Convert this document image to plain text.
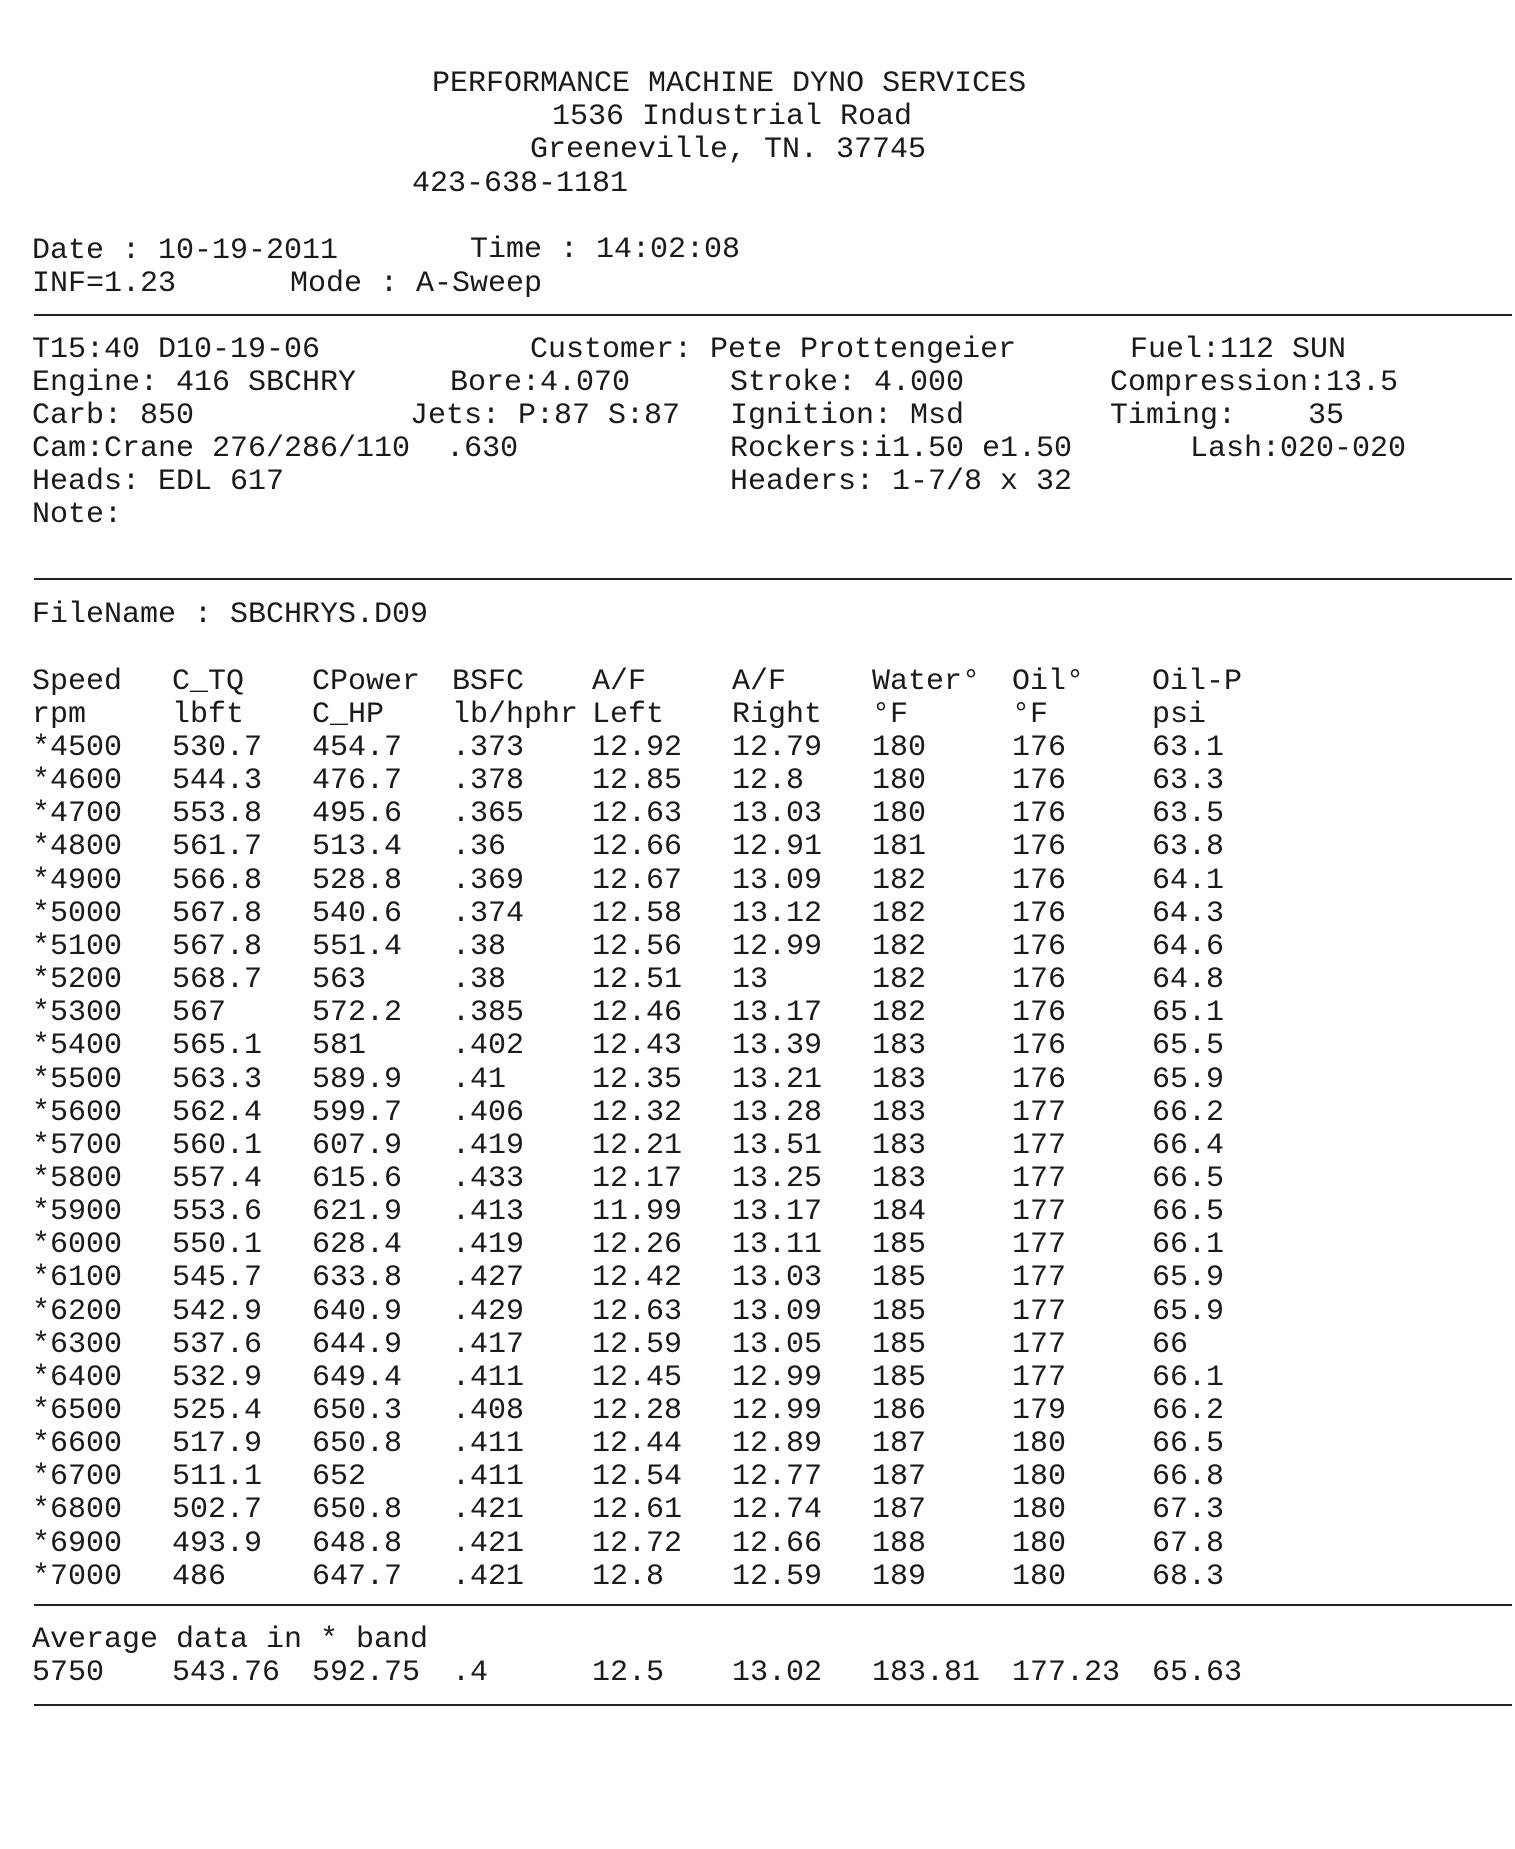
PERFORMANCE MACHINE DYNO SERVICES
1536 Industrial Road
Greeneville, TN. 37745
423-638-1181
Date : 10-19-2011	Time : 14:02:08
INF=1.23	Mode : A-Sweep
T15:40 D10-19-06	Customer: Pete Prottengeier	Fuel:112 SUN
Engine: 416 SBCHRY	Bore:4.070	Stroke: 4.000	Compression:13.5
Carb: 850	Jets: P:87 S:87 Ignition: Msd	Timing:    35
Cam:Crane 276/286/110  .630	Rockers:i1.50 e1.50	Lash:020-020
Heads: EDL 617	Headers: 1-7/8 x 32
Note:
FileName : SBCHRYS.D09
Speed C_TQ CPower BSFC A/F	A/F	Water° Oil° Oil-P
rpm	lbft C_HP lb/hphr Left Right °F	°F	psi
*4500 530.7 454.7 .373 12.92 12.79 180	176	63.1
*4600 544.3 476.7 .378 12.85 12.8 180	176	63.3
*4700 553.8 495.6 .365 12.63 13.03 180	176	63.5
*4800 561.7 513.4 .36	12.66 12.91 181	176	63.8
*4900 566.8 528.8 .369 12.67 13.09 182	176	64.1
*5000 567.8 540.6 .374 12.58 13.12 182	176	64.3
*5100 567.8 551.4 .38	12.56 12.99 182	176	64.6
*5200 568.7 563	.38	12.51 13	182	176	64.8
*5300 567	572.2 .385 12.46 13.17 182	176	65.1
*5400 565.1 581	.402 12.43 13.39 183	176	65.5
*5500 563.3 589.9 .41	12.35 13.21 183	176	65.9
*5600 562.4 599.7 .406 12.32 13.28 183	177	66.2
*5700 560.1 607.9 .419 12.21 13.51 183	177	66.4
*5800 557.4 615.6 .433 12.17 13.25 183	177	66.5
*5900 553.6 621.9 .413 11.99 13.17 184	177	66.5
*6000 550.1 628.4 .419 12.26 13.11 185	177	66.1
*6100 545.7 633.8 .427 12.42 13.03 185	177	65.9
*6200 542.9 640.9 .429 12.63 13.09 185	177	65.9
*6300 537.6 644.9 .417 12.59 13.05 185	177	66
*6400 532.9 649.4 .411 12.45 12.99 185	177	66.1
*6500 525.4 650.3 .408 12.28 12.99 186	179	66.2
*6600 517.9 650.8 .411 12.44 12.89 187	180	66.5
*6700 511.1 652	.411 12.54 12.77 187	180	66.8
*6800 502.7 650.8 .421 12.61 12.74 187	180	67.3
*6900 493.9 648.8 .421 12.72 12.66 188	180	67.8
*7000 486	647.7 .421 12.8 12.59 189	180	68.3
Average data in * band
5750 543.76 592.75 .4	12.5 13.02 183.81 177.23 65.63
